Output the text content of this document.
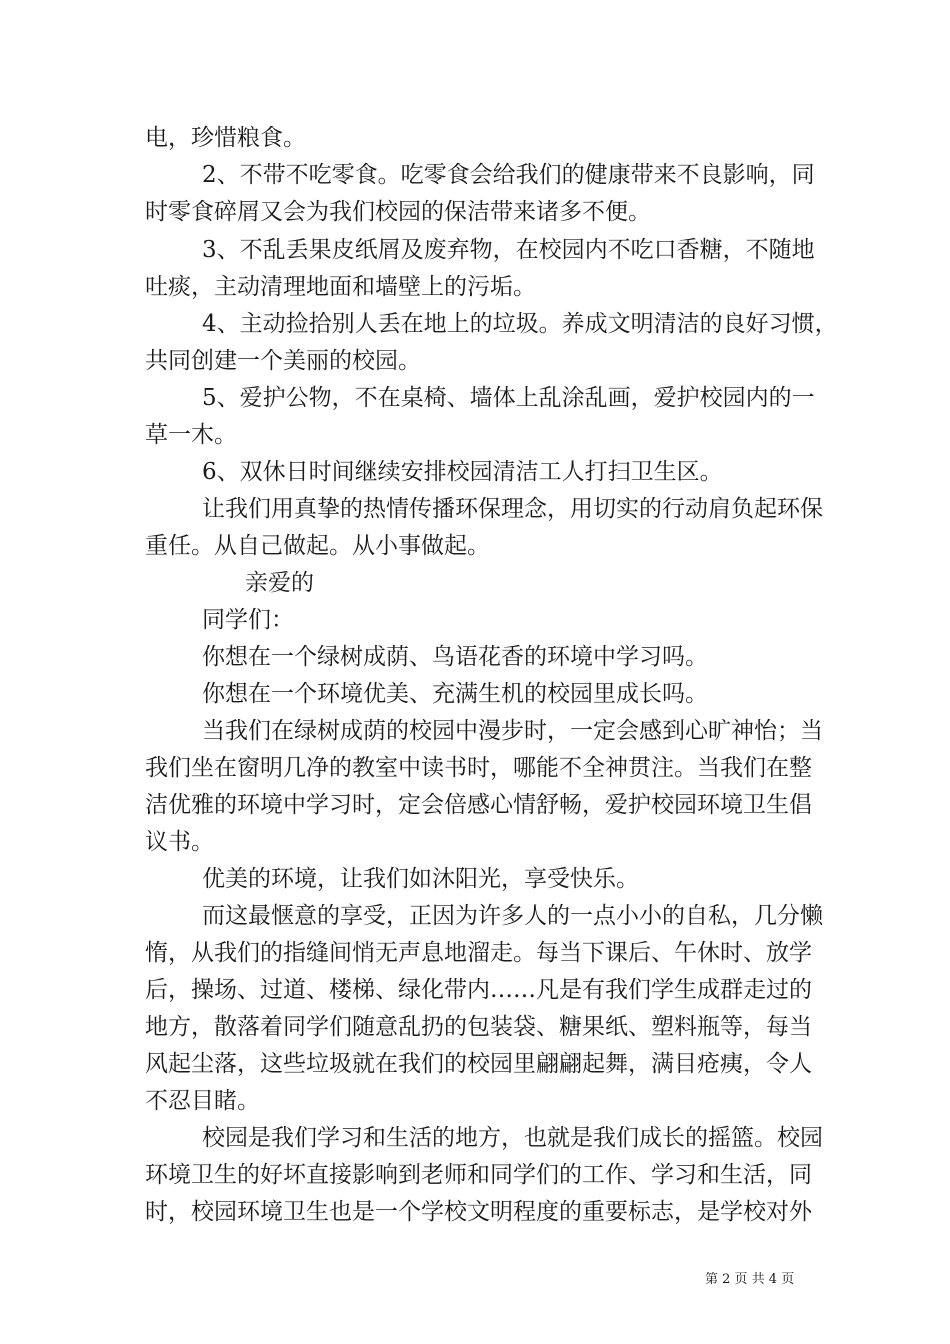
电，珍惜粮食。
2、不带不吃零食。吃零食会给我们的健康带来不良影响，同
时零食碎屑又会为我们校园的保洁带来诸多不便。
3、不乱丢果皮纸屑及废弃物，在校园内不吃口香糖，不随地
吐痰，主动清理地面和墙壁上的污垢。
4、主动捡拾别人丢在地上的垃圾。养成文明清洁的良好习惯，
共同创建一个美丽的校园。
5、爱护公物，不在桌椅、墙体上乱涂乱画，爱护校园内的一
草一木。
6、双休日时间继续安排校园清洁工人打扫卫生区。
让我们用真挚的热情传播环保理念，用切实的行动肩负起环保
重任。从自己做起。从小事做起。
亲爱的
同学们：
你想在一个绿树成荫、鸟语花香的环境中学习吗。
你想在一个环境优美、充满生机的校园里成长吗。
当我们在绿树成荫的校园中漫步时，一定会感到心旷神怡；当
我们坐在窗明几净的教室中读书时，哪能不全神贯注。当我们在整
洁优雅的环境中学习时，定会倍感心情舒畅，爱护校园环境卫生倡
议书。
优美的环境，让我们如沐阳光，享受快乐。
而这最惬意的享受，正因为许多人的一点小小的自私，几分懒
惰，从我们的指缝间悄无声息地溜走。每当下课后、午休时、放学
后，操场、过道、楼梯、绿化带内……凡是有我们学生成群走过的
地方，散落着同学们随意乱扔的包装袋、糖果纸、塑料瓶等，每当
风起尘落，这些垃圾就在我们的校园里翩翩起舞，满目疮痍，令人
不忍目睹。
校园是我们学习和生活的地方，也就是我们成长的摇篮。校园
环境卫生的好坏直接影响到老师和同学们的工作、学习和生活，同
时，校园环境卫生也是一个学校文明程度的重要标志，是学校对外
第 2 页 共 4 页
